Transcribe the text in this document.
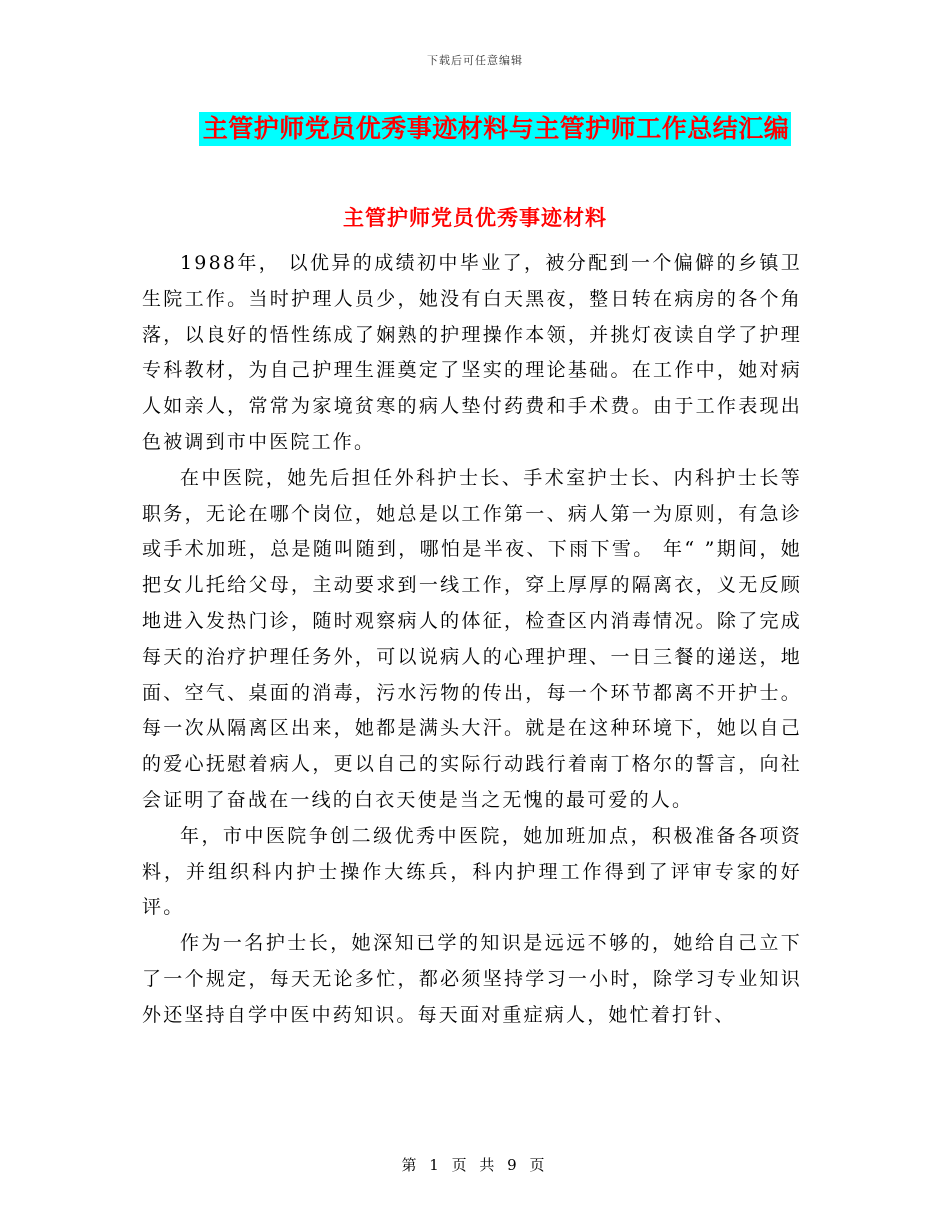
下载后可任意编辑
主管护师党员优秀事迹材料与主管护师工作总结汇编
主管护师党员优秀事迹材料

1988年， 以优异的成绩初中毕业了，被分配到一个偏僻的乡镇卫生院工作。当时护理人员少，她没有白天黑夜，整日转在病房的各个角落，以良好的悟性练成了娴熟的护理操作本领，并挑灯夜读自学了护理专科教材，为自己护理生涯奠定了坚实的理论基础。在工作中，她对病人如亲人，常常为家境贫寒的病人垫付药费和手术费。由于工作表现出色被调到市中医院工作。

在中医院，她先后担任外科护士长、手术室护士长、内科护士长等职务，无论在哪个岗位，她总是以工作第一、病人第一为原则，有急诊或手术加班，总是随叫随到，哪怕是半夜、下雨下雪。 年“ ”期间，她把女儿托给父母，主动要求到一线工作，穿上厚厚的隔离衣，义无反顾地进入发热门诊，随时观察病人的体征，检查区内消毒情况。除了完成每天的治疗护理任务外，可以说病人的心理护理、一日三餐的递送，地面、空气、桌面的消毒，污水污物的传出，每一个环节都离不开护士。每一次从隔离区出来，她都是满头大汗。就是在这种环境下，她以自己的爱心抚慰着病人，更以自己的实际行动践行着南丁格尔的誓言，向社会证明了奋战在一线的白衣天使是当之无愧的最可爱的人。

年，市中医院争创二级优秀中医院，她加班加点，积极准备各项资料，并组织科内护士操作大练兵，科内护理工作得到了评审专家的好评。

作为一名护士长，她深知已学的知识是远远不够的，她给自己立下了一个规定，每天无论多忙，都必须坚持学习一小时，除学习专业知识外还坚持自学中医中药知识。每天面对重症病人，她忙着打针、

第 1 页 共 9 页
